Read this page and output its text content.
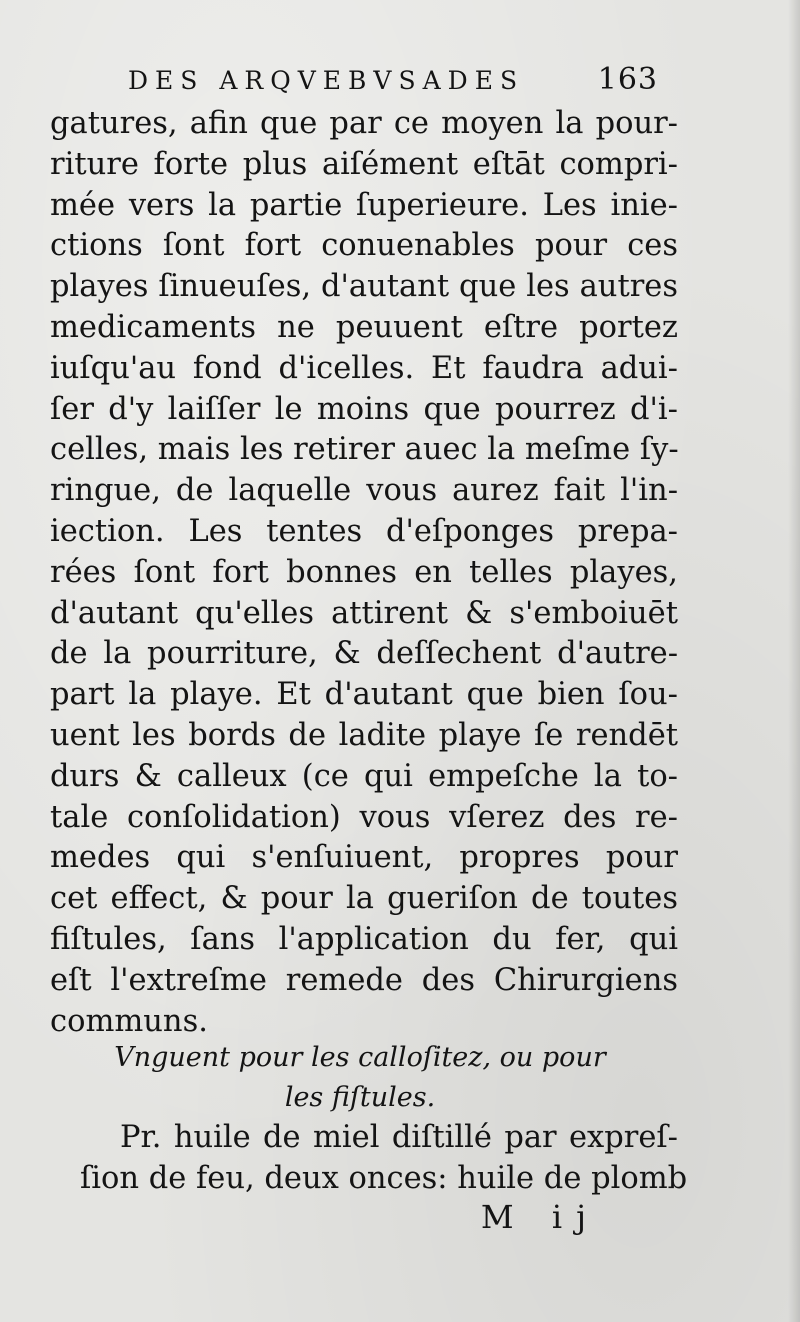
DES ARQVEBVSADES 163
gatures, afin que par ce moyen la pour-
riture forte plus aiſément eſtāt compri-
mée vers la partie ſuperieure. Les inie-
ctions ſont fort conuenables pour ces
playes ſinueuſes, d'autant que les autres
medicaments ne peuuent eſtre portez
iuſqu'au fond d'icelles. Et faudra adui-
ſer d'y laiſſer le moins que pourrez d'i-
celles, mais les retirer auec la meſme ſy-
ringue, de laquelle vous aurez fait l'in-
iection. Les tentes d'eſponges prepa-
rées ſont fort bonnes en telles playes,
d'autant qu'elles attirent & s'emboiuēt
de la pourriture, & deſſechent d'autre-
part la playe. Et d'autant que bien ſou-
uent les bords de ladite playe ſe rendēt
durs & calleux (ce qui empeſche la to-
tale conſolidation) vous vſerez des re-
medes qui s'enſuiuent, propres pour
cet effect, & pour la gueriſon de toutes
fiſtules, ſans l'application du fer, qui
eſt l'extreſme remede des Chirurgiens
communs.
Vnguent pour les calloſitez, ou pour
les fiſtules.
Pr. huile de miel diſtillé par expreſ-
ſion de feu, deux onces: huile de plomb
M ij
